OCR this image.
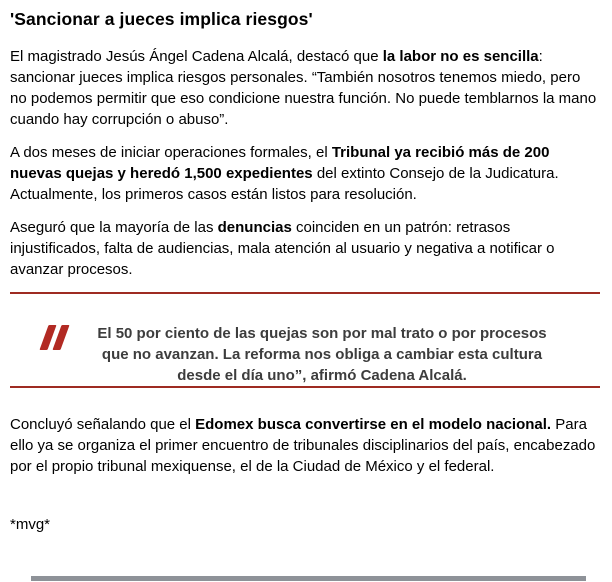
'Sancionar a jueces implica riesgos'

El magistrado Jesús Ángel Cadena Alcalá, destacó que la labor no es sencilla: sancionar jueces implica riesgos personales. “También nosotros tenemos miedo, pero no podemos permitir que eso condicione nuestra función. No puede temblarnos la mano cuando hay corrupción o abuso”.

A dos meses de iniciar operaciones formales, el Tribunal ya recibió más de 200 nuevas quejas y heredó 1,500 expedientes del extinto Consejo de la Judicatura. Actualmente, los primeros casos están listos para resolución.

Aseguró que la mayoría de las denuncias coinciden en un patrón: retrasos injustificados, falta de audiencias, mala atención al usuario y negativa a notificar o avanzar procesos.

El 50 por ciento de las quejas son por mal trato o por procesos que no avanzan. La reforma nos obliga a cambiar esta cultura desde el día uno”, afirmó Cadena Alcalá.

Concluyó señalando que el Edomex busca convertirse en el modelo nacional. Para ello ya se organiza el primer encuentro de tribunales disciplinarios del país, encabezado por el propio tribunal mexiquense, el de la Ciudad de México y el federal.

*mvg*
